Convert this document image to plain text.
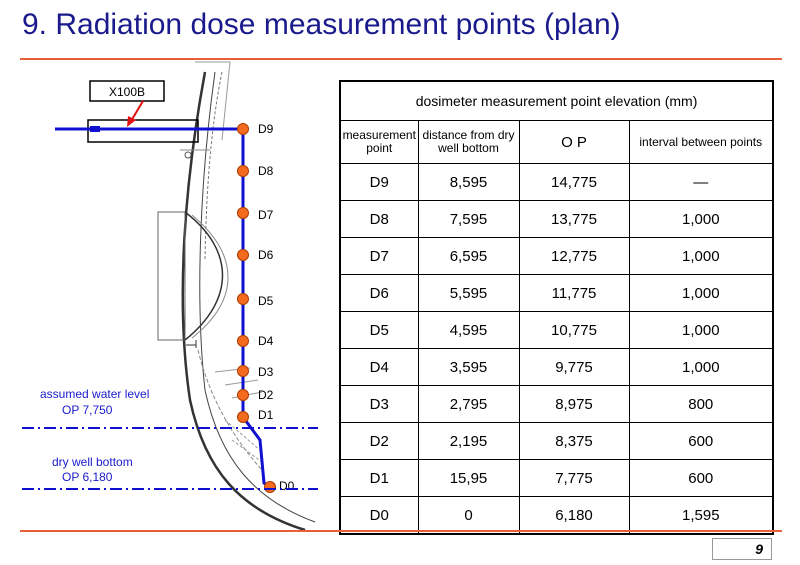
9. Radiation dose measurement points (plan)
X100B
D9
D8
D7
D6
D5
D4
D3
D2
D1
D0
assumed water level
OP 7,750
dry well bottom
OP 6,180
dosimeter measurement point elevation (mm)			
measurement point	distance from dry well bottom	O P	interval between points
D9	8,595	14,775	—
D8	7,595	13,775	1,000
D7	6,595	12,775	1,000
D6	5,595	11,775	1,000
D5	4,595	10,775	1,000
D4	3,595	9,775	1,000
D3	2,795	8,975	800
D2	2,195	8,375	600
D1	15,95	7,775	600
D0	0	6,180	1,595
9
